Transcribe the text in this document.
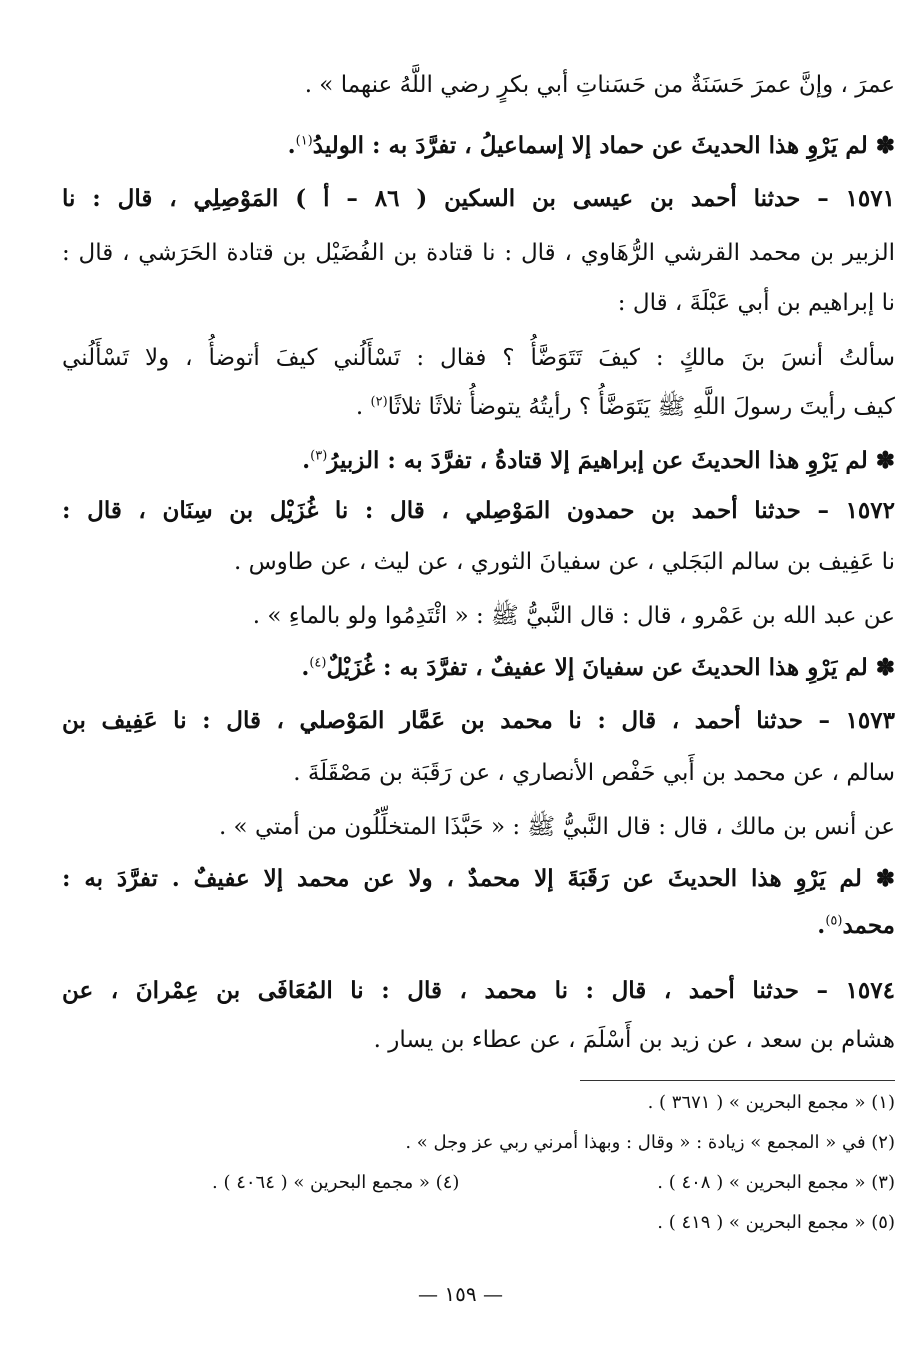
عمرَ ، وإنَّ عمرَ حَسَنَةٌ من حَسَناتِ أبي بكرٍ رضي اللَّهُ عنهما » .
✽ لم يَرْوِ هذا الحديثَ عن حماد إلا إسماعيلُ ، تفرَّدَ به : الوليدُ$^{(١)}$.
١٥٧١ – حدثنا أحمد بن عيسى بن السكين ( ٨٦ – أ ) المَوْصِلِي ، قال : نا
الزبير بن محمد القرشي الرُّهَاوي ، قال : نا قتادة بن الفُضَيْل بن قتادة الحَرَشي ، قال :
نا إبراهيم بن أبي عَبْلَةَ ، قال :
سألتُ أنسَ بنَ مالكٍ : كيفَ تَتَوَضَّأُ ؟ فقال : تَسْأَلُني كيفَ أتوضأُ ، ولا تَسْأَلُني
كيف رأيتَ رسولَ اللَّهِ ﷺ يَتَوَضَّأُ ؟ رأيتُهُ يتوضأُ ثلاثًا ثلاثًا$^{(٢)}$ .
✽ لم يَرْوِ هذا الحديثَ عن إبراهيمَ إلا قتادةُ ، تفرَّدَ به : الزبيرُ$^{(٣)}$.
١٥٧٢ – حدثنا أحمد بن حمدون المَوْصِلي ، قال : نا غُزَيْل بن سِنَان ، قال :
نا عَفِيف بن سالم البَجَلي ، عن سفيانَ الثوري ، عن ليث ، عن طاوس .
عن عبد الله بن عَمْرو ، قال : قال النَّبيُّ ﷺ : « ائْتَدِمُوا ولو بالماءِ » .
✽ لم يَرْوِ هذا الحديثَ عن سفيانَ إلا عفيفٌ ، تفرَّدَ به : غُزَيْلٌ$^{(٤)}$.
١٥٧٣ – حدثنا أحمد ، قال : نا محمد بن عَمَّار المَوْصلي ، قال : نا عَفِيف بن
سالم ، عن محمد بن أَبي حَفْص الأنصاري ، عن رَقَبَة بن مَصْقَلَةَ .
عن أنس بن مالك ، قال : قال النَّبيُّ ﷺ : « حَبَّذَا المتخلِّلُون من أمتي » .
✽ لم يَرْوِ هذا الحديثَ عن رَقَبَةَ إلا محمدٌ ، ولا عن محمد إلا عفيفٌ . تفرَّدَ به :
محمد$^{(٥)}$.
١٥٧٤ – حدثنا أحمد ، قال : نا محمد ، قال : نا المُعَافَى بن عِمْرانَ ، عن
هشام بن سعد ، عن زيد بن أَسْلَمَ ، عن عطاء بن يسار .
(١) « مجمع البحرين » ( ٣٦٧١ ) .
(٢) في « المجمع » زيادة : « وقال : وبهذا أمرني ربي عز وجل » .
(٣) « مجمع البحرين » ( ٤٠٨ ) .
(٤) « مجمع البحرين » ( ٤٠٦٤ ) .
(٥) « مجمع البحرين » ( ٤١٩ ) .
— ١٥٩ —
